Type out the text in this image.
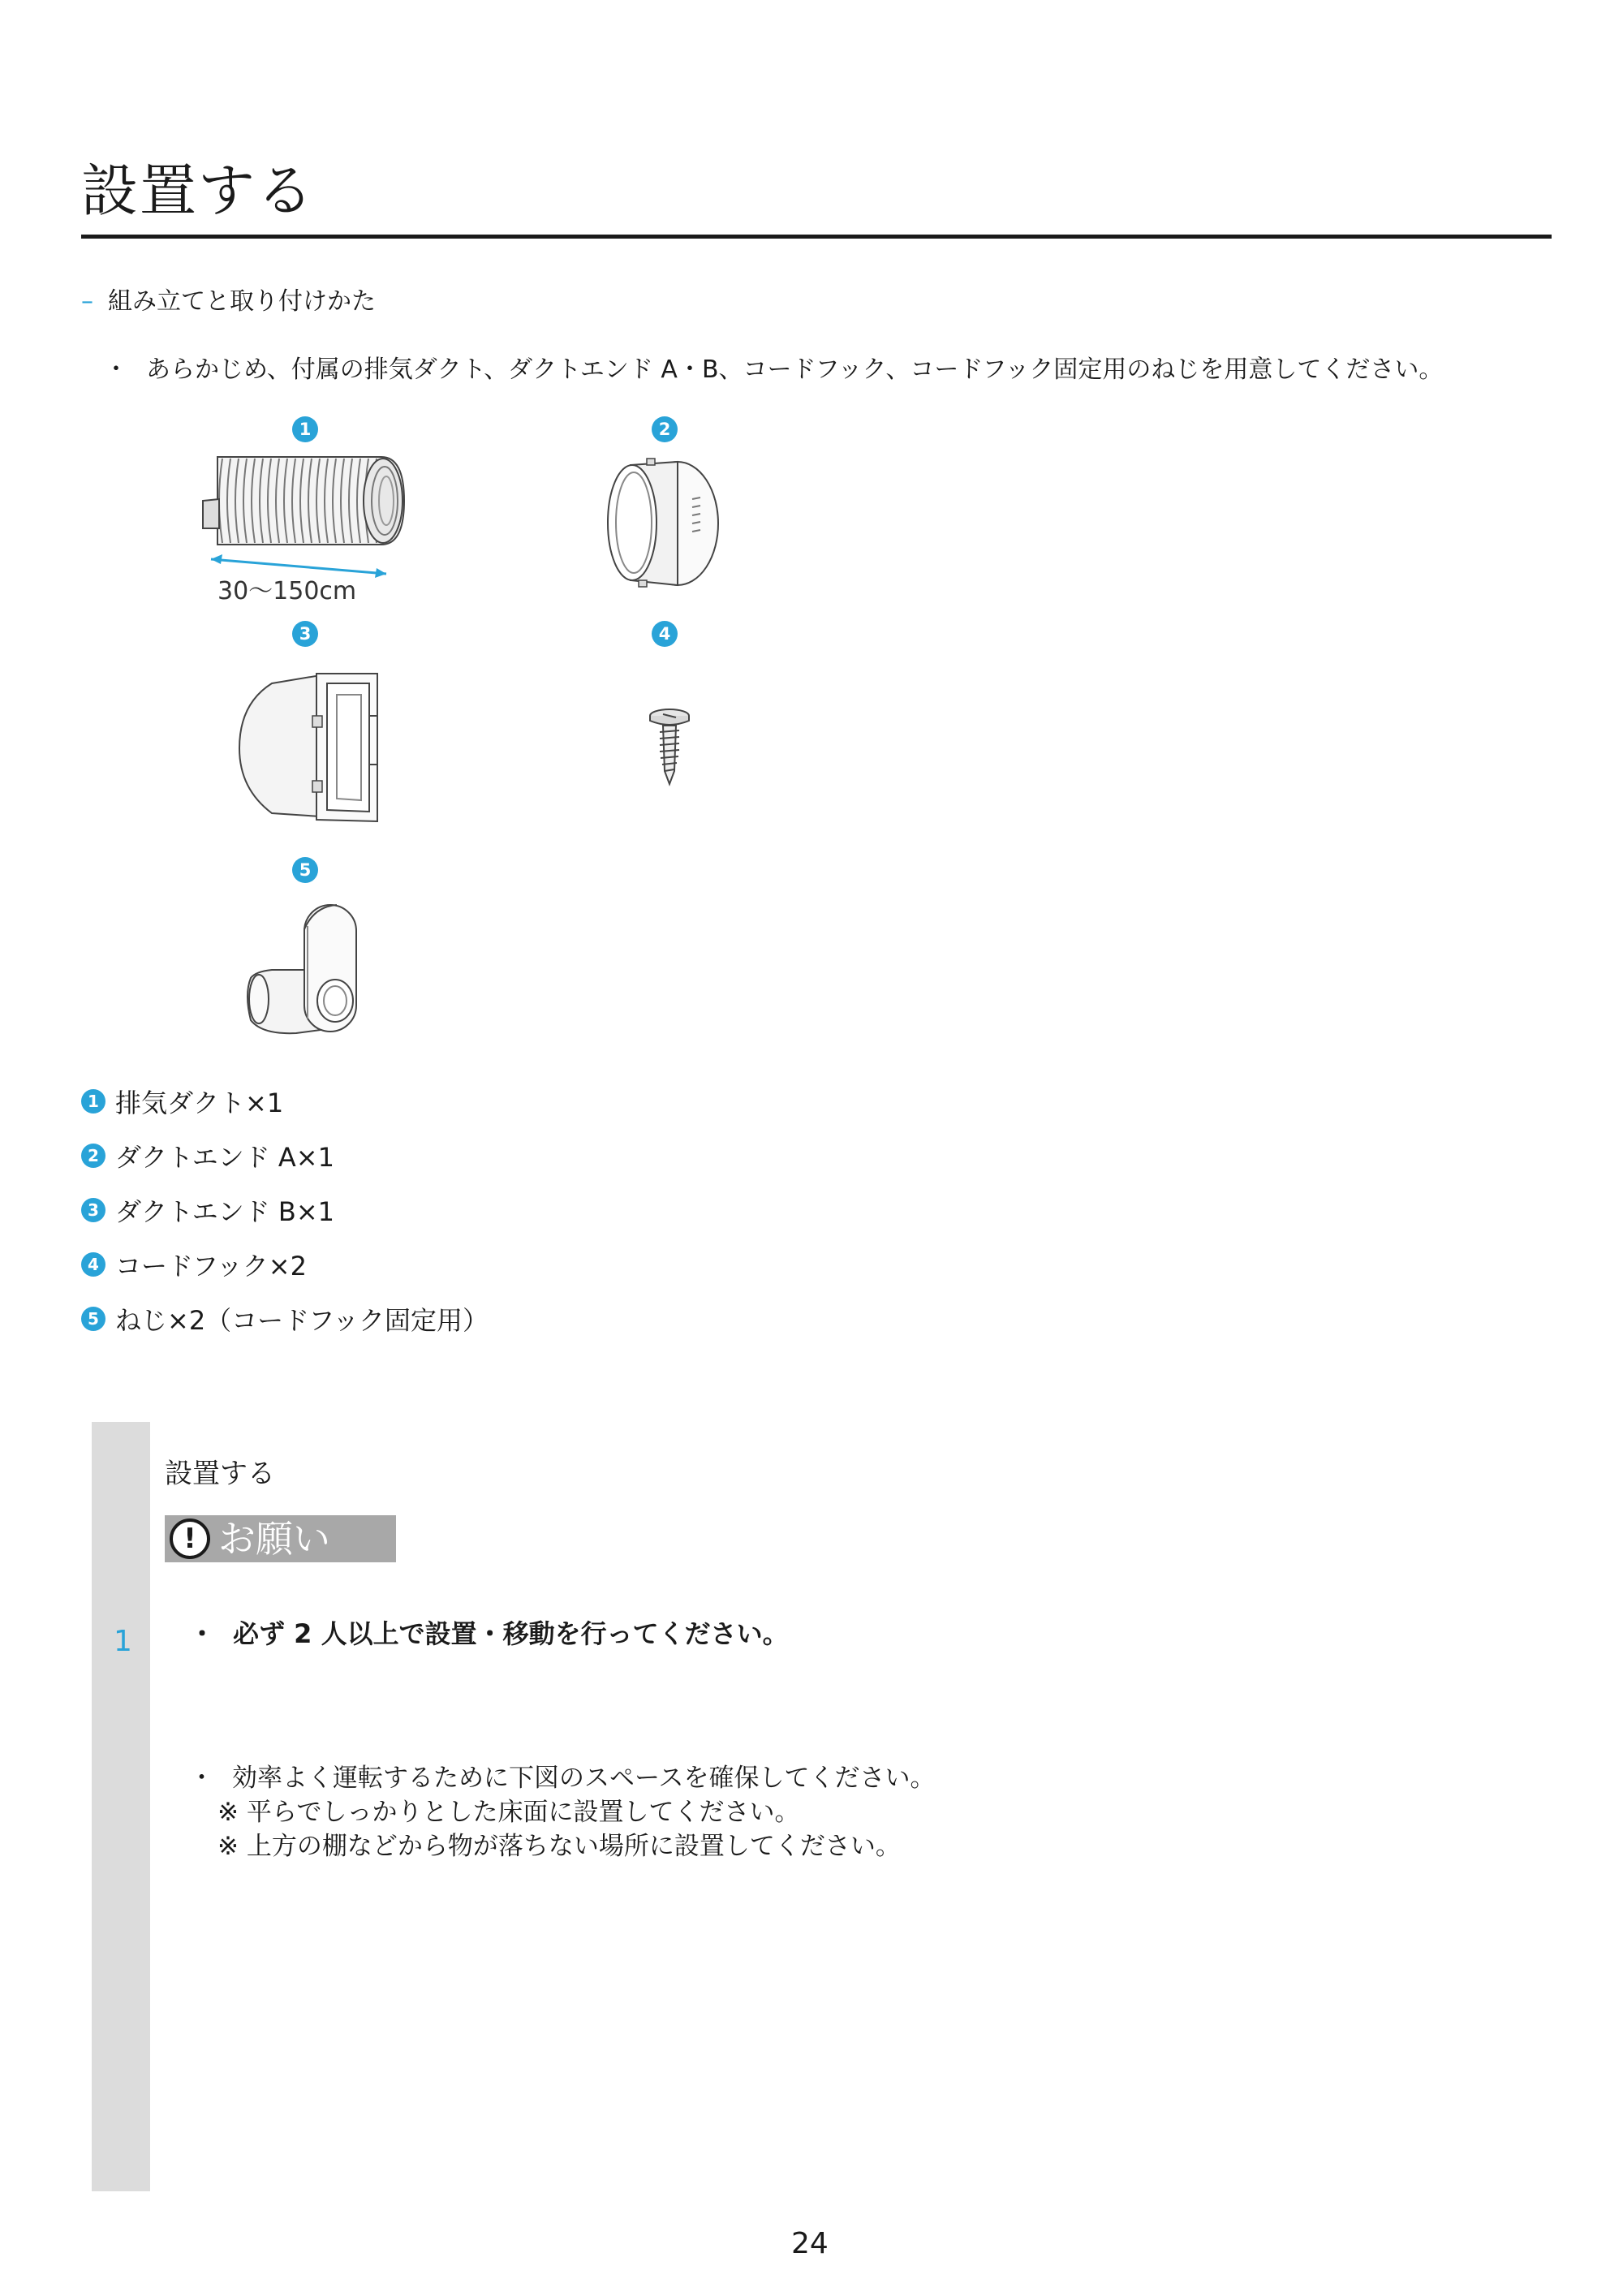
設置する
– 組み立てと取り付けかた
・ あらかじめ、付属の排気ダクト、ダクトエンド A・B、コードフック、コードフック固定用のねじを用意してください。
1	2
3	4
5
30～150cm
1 排気ダクト×1
2 ダクトエンド A×1
3 ダクトエンド B×1
4 コードフック×2
5 ねじ×2（コードフック固定用）
1
設置する
! お願い
・ 必ず 2 人以上で設置・移動を行ってください。
・ 効率よく運転するために下図のスペースを確保してください。
※ 平らでしっかりとした床面に設置してください。
※ 上方の棚などから物が落ちない場所に設置してください。
24
